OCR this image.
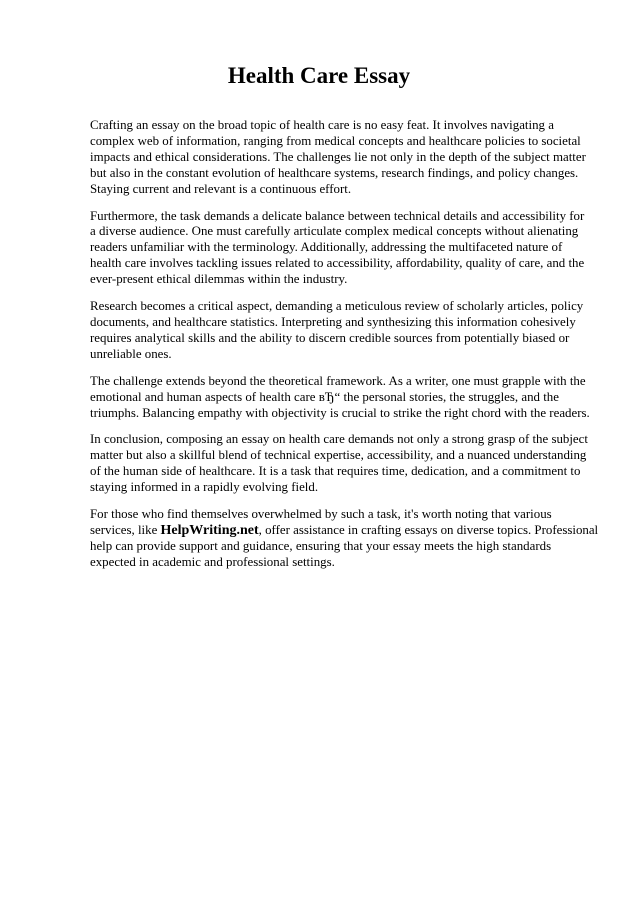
Health Care Essay

Crafting an essay on the broad topic of health care is no easy feat. It involves navigating a
complex web of information, ranging from medical concepts and healthcare policies to societal
impacts and ethical considerations. The challenges lie not only in the depth of the subject matter
but also in the constant evolution of healthcare systems, research findings, and policy changes.
Staying current and relevant is a continuous effort.

Furthermore, the task demands a delicate balance between technical details and accessibility for
a diverse audience. One must carefully articulate complex medical concepts without alienating
readers unfamiliar with the terminology. Additionally, addressing the multifaceted nature of
health care involves tackling issues related to accessibility, affordability, quality of care, and the
ever-present ethical dilemmas within the industry.

Research becomes a critical aspect, demanding a meticulous review of scholarly articles, policy
documents, and healthcare statistics. Interpreting and synthesizing this information cohesively
requires analytical skills and the ability to discern credible sources from potentially biased or
unreliable ones.

The challenge extends beyond the theoretical framework. As a writer, one must grapple with the
emotional and human aspects of health care вЂ“ the personal stories, the struggles, and the
triumphs. Balancing empathy with objectivity is crucial to strike the right chord with the readers.

In conclusion, composing an essay on health care demands not only a strong grasp of the subject
matter but also a skillful blend of technical expertise, accessibility, and a nuanced understanding
of the human side of healthcare. It is a task that requires time, dedication, and a commitment to
staying informed in a rapidly evolving field.

For those who find themselves overwhelmed by such a task, it's worth noting that various
services, like HelpWriting.net, offer assistance in crafting essays on diverse topics. Professional
help can provide support and guidance, ensuring that your essay meets the high standards
expected in academic and professional settings.
